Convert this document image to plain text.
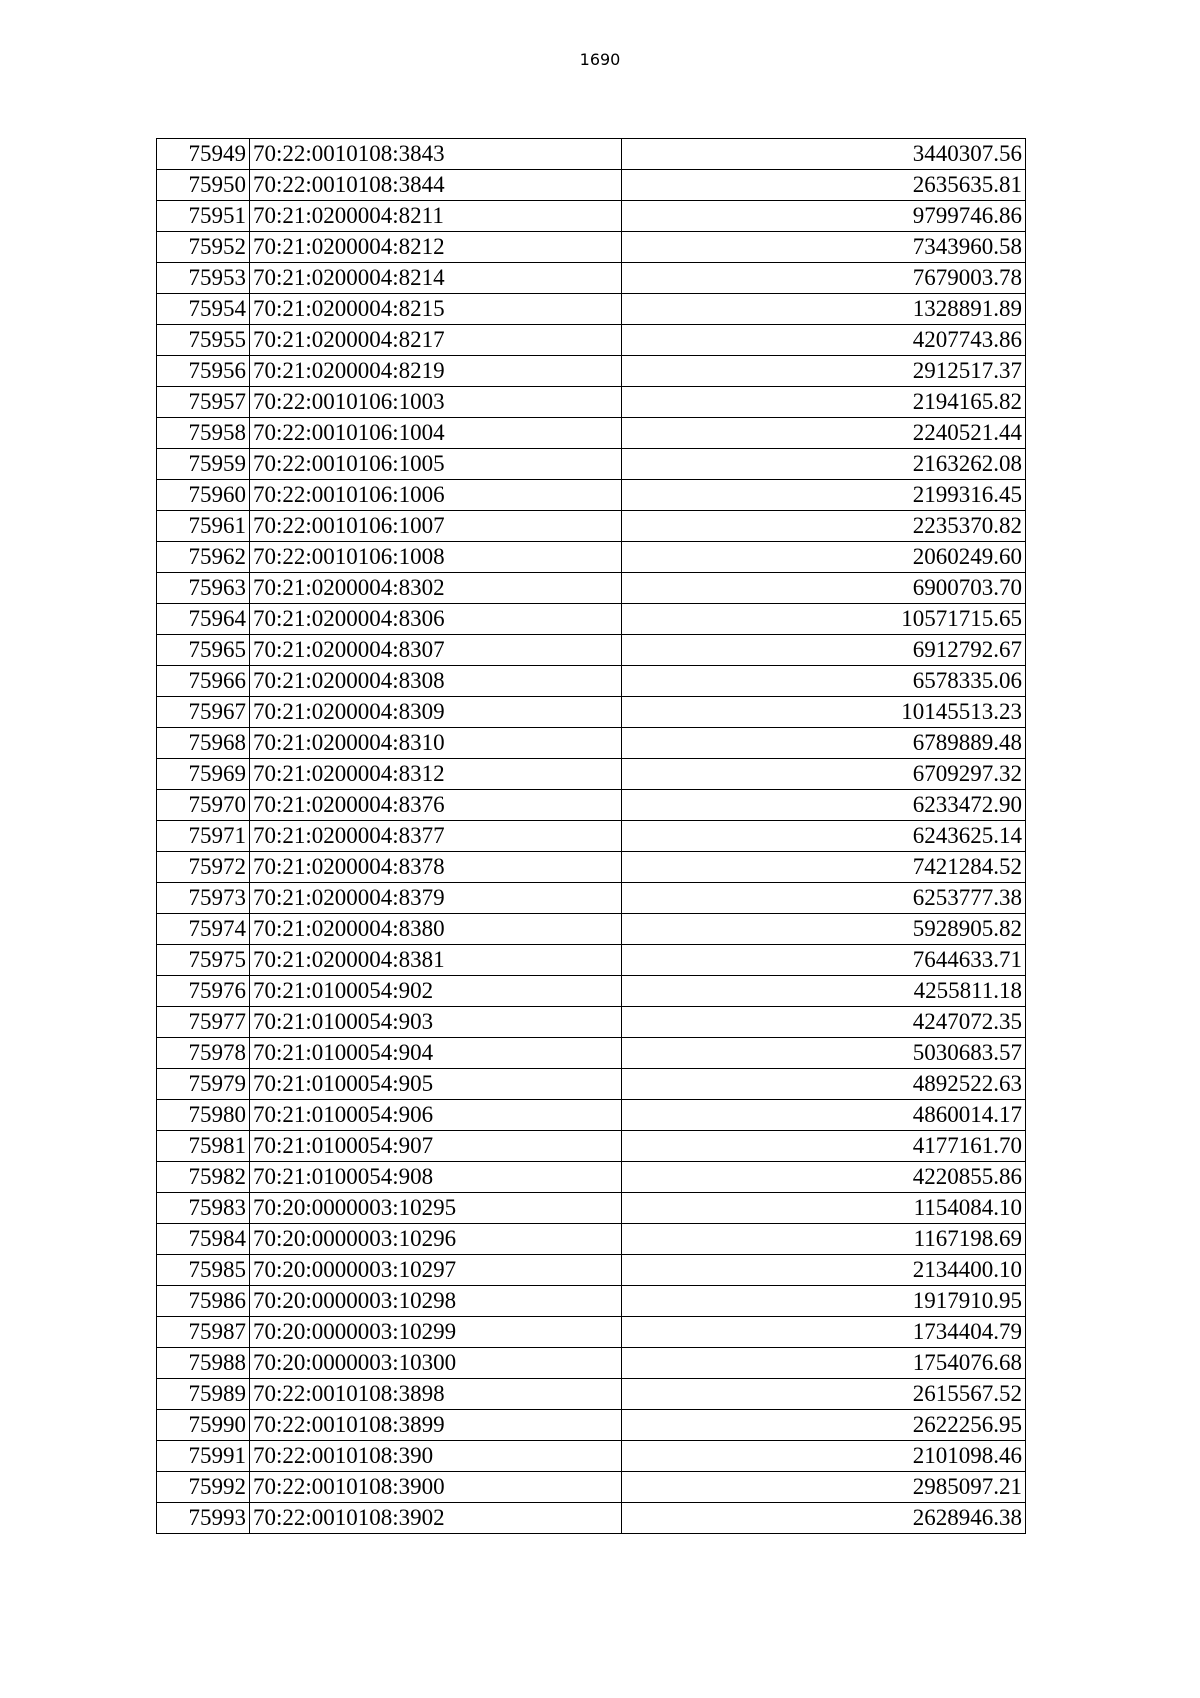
1690
75949	70:22:0010108:3843	3440307.56
75950	70:22:0010108:3844	2635635.81
75951	70:21:0200004:8211	9799746.86
75952	70:21:0200004:8212	7343960.58
75953	70:21:0200004:8214	7679003.78
75954	70:21:0200004:8215	1328891.89
75955	70:21:0200004:8217	4207743.86
75956	70:21:0200004:8219	2912517.37
75957	70:22:0010106:1003	2194165.82
75958	70:22:0010106:1004	2240521.44
75959	70:22:0010106:1005	2163262.08
75960	70:22:0010106:1006	2199316.45
75961	70:22:0010106:1007	2235370.82
75962	70:22:0010106:1008	2060249.60
75963	70:21:0200004:8302	6900703.70
75964	70:21:0200004:8306	10571715.65
75965	70:21:0200004:8307	6912792.67
75966	70:21:0200004:8308	6578335.06
75967	70:21:0200004:8309	10145513.23
75968	70:21:0200004:8310	6789889.48
75969	70:21:0200004:8312	6709297.32
75970	70:21:0200004:8376	6233472.90
75971	70:21:0200004:8377	6243625.14
75972	70:21:0200004:8378	7421284.52
75973	70:21:0200004:8379	6253777.38
75974	70:21:0200004:8380	5928905.82
75975	70:21:0200004:8381	7644633.71
75976	70:21:0100054:902	4255811.18
75977	70:21:0100054:903	4247072.35
75978	70:21:0100054:904	5030683.57
75979	70:21:0100054:905	4892522.63
75980	70:21:0100054:906	4860014.17
75981	70:21:0100054:907	4177161.70
75982	70:21:0100054:908	4220855.86
75983	70:20:0000003:10295	1154084.10
75984	70:20:0000003:10296	1167198.69
75985	70:20:0000003:10297	2134400.10
75986	70:20:0000003:10298	1917910.95
75987	70:20:0000003:10299	1734404.79
75988	70:20:0000003:10300	1754076.68
75989	70:22:0010108:3898	2615567.52
75990	70:22:0010108:3899	2622256.95
75991	70:22:0010108:390	2101098.46
75992	70:22:0010108:3900	2985097.21
75993	70:22:0010108:3902	2628946.38
